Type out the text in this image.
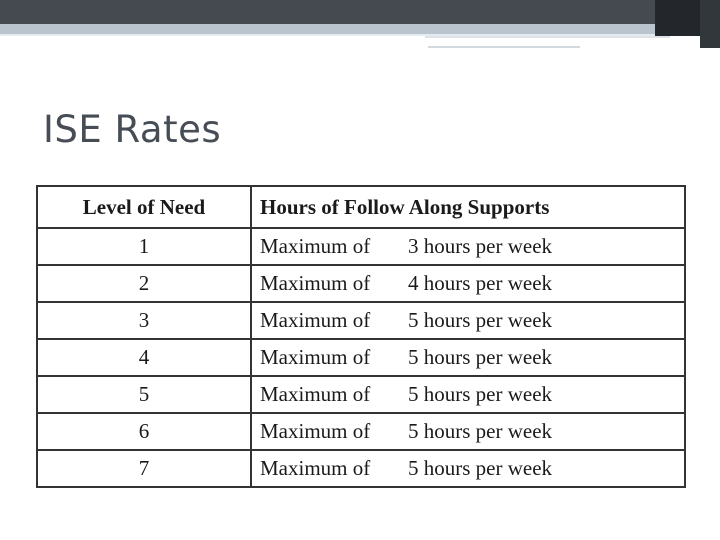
ISE Rates
Level of Need	Hours of Follow Along Supports
1	Maximum of 3 hours per week
2	Maximum of 4 hours per week
3	Maximum of 5 hours per week
4	Maximum of 5 hours per week
5	Maximum of 5 hours per week
6	Maximum of 5 hours per week
7	Maximum of 5 hours per week
